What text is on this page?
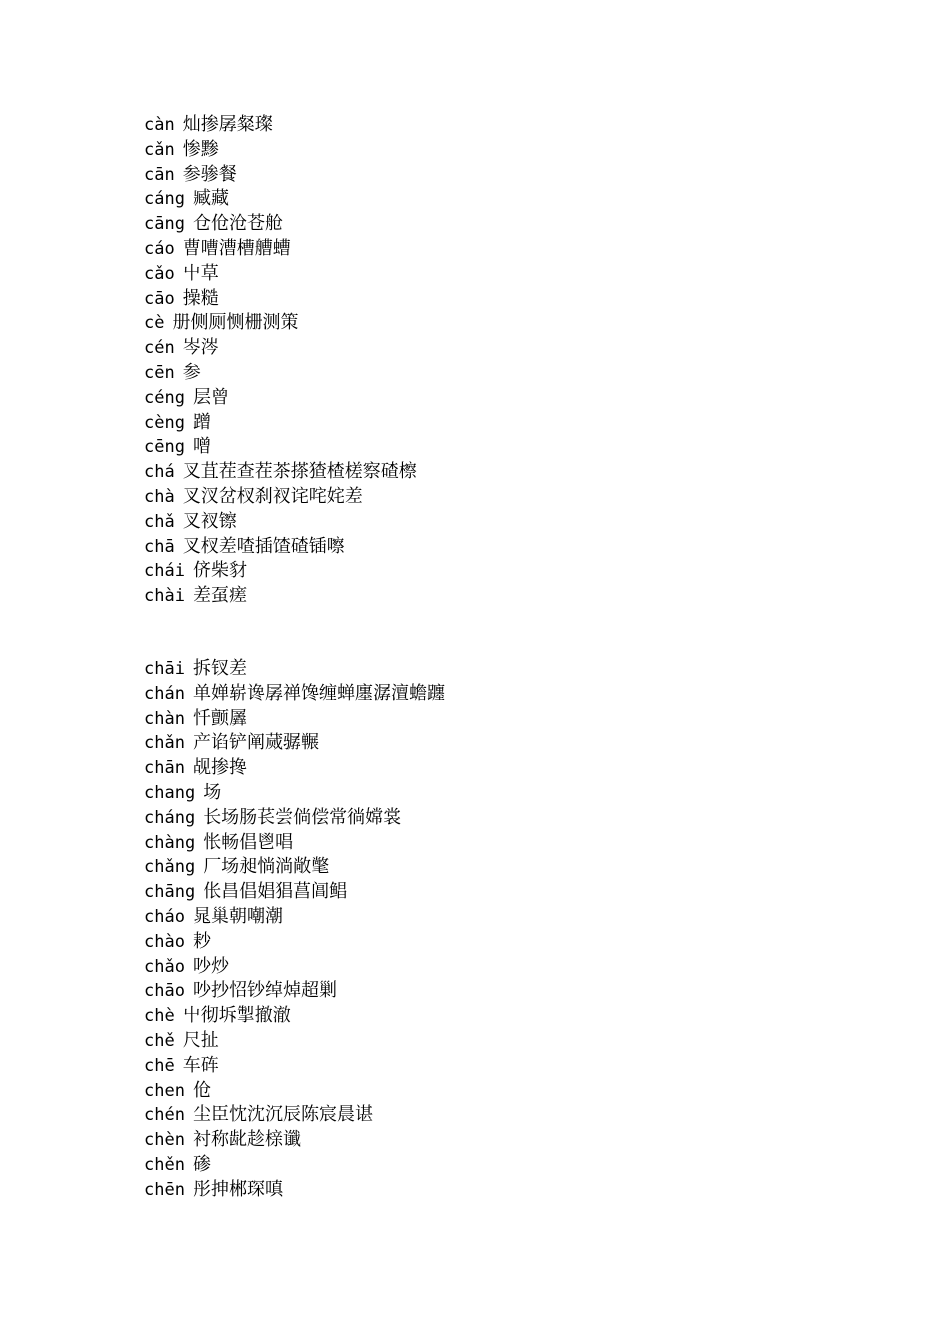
càn 灿掺孱粲璨
cǎn 惨黪
cān 参骖餐
cáng 臧藏
cāng 仓伧沧苍舱
cáo 曹嘈漕槽艚螬
cǎo 屮草
cāo 操糙
cè 册侧厕恻栅测策
cén 岑涔
cēn 参
céng 层曾
cèng 蹭
cēng 噌
chá 叉苴茬查茬茶搽猹楂槎察碴檫
chà 叉汊岔杈刹衩诧咤姹差
chǎ 叉衩镲
chā 叉杈差喳插馇碴锸嚓
chái 侪柴豺
chài 差虿瘥
chāi 拆钗差
chán 单婵崭谗孱禅馋缠蝉廛潺澶蟾躔
chàn 忏颤羼
chǎn 产谄铲阐蒇骣冁
chān 觇掺搀
chang 场
cháng 长场肠苌尝倘偿常徜嫦裳
chàng 怅畅倡鬯唱
chǎng 厂场昶惝淌敞氅
chāng 伥昌倡娼猖菖阊鲳
cháo 晁巢朝嘲潮
chào 耖
chǎo 吵炒
chāo 吵抄怊钞绰焯超剿
chè 屮彻坼掣撤澈
chě 尺扯
chē 车砗
chen 伧
chén 尘臣忱沈沉辰陈宸晨谌
chèn 衬称龀趁榇谶
chěn 碜
chēn 彤抻郴琛嗔
